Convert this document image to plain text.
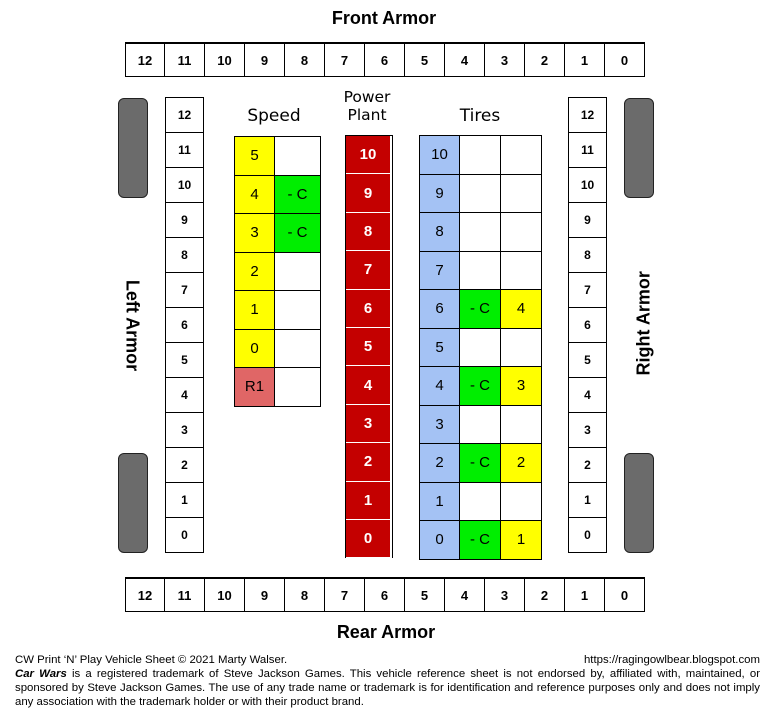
Front Armor
Rear Armor
12	11	10	9	8	7	6	5	4	3	2	1	0
12	11	10	9	8	7	6	5	4	3	2	1	0
12
11
10
9
8
7
6
5
4
3
2
1
0
12
11
10
9
8
7
6
5
4
3
2
1
0
Left Armor	Right Armor
Speed
Power
Plant	Tires
5
4	- C
3	- C
2
1
0
R1
10
9
8
7
6
5
4
3
2
1
0
10
9
8
7
6	- C	4
5
4	- C	3
3
2	- C	2
1
0	- C	1
CW Print ‘N’ Play Vehicle Sheet © 2021 Marty Walser.	https://ragingowlbear.blogspot.com
Car Wars is a registered trademark of Steve Jackson Games. This vehicle reference sheet is not endorsed by, affiliated with, maintained, or sponsored by Steve Jackson Games. The use of any trade name or trademark is for identification and reference purposes only and does not imply any association with the trademark holder or with their product brand.
